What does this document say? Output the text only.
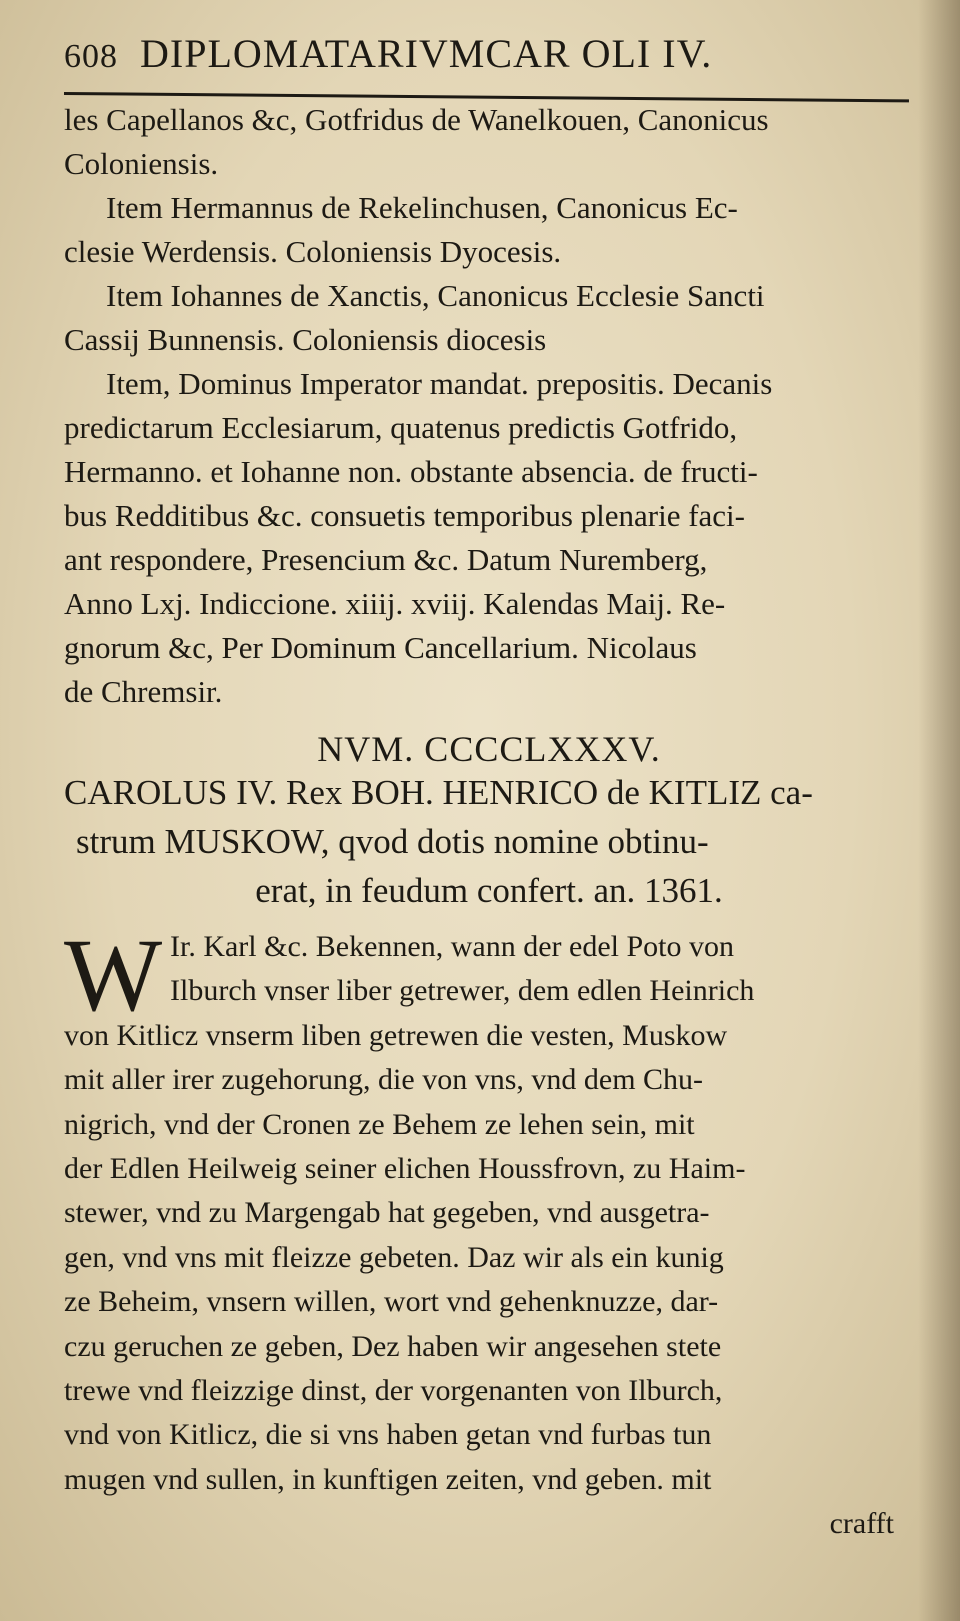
608 DIPLOMATARIVMCAR OLI IV.
les Capellanos &c, Gotfridus de Wanelkouen, Canonicus
Coloniensis.
Item Hermannus de Rekelinchusen, Canonicus Ec-
clesie Werdensis. Coloniensis Dyocesis.
Item Iohannes de Xanctis, Canonicus Ecclesie Sancti
Cassij Bunnensis. Coloniensis diocesis
Item, Dominus Imperator mandat. prepositis. Decanis
predictarum Ecclesiarum, quatenus predictis Gotfrido,
Hermanno. et Iohanne non. obstante absencia. de fructi-
bus Redditibus &c. consuetis temporibus plenarie faci-
ant respondere, Presencium &c. Datum Nuremberg,
Anno Lxj. Indiccione. xiiij. xviij. Kalendas Maij. Re-
gnorum &c, Per Dominum Cancellarium. Nicolaus
de Chremsir.
NVM. CCCCLXXXV.
CAROLUS IV. Rex BOH. HENRICO de KITLIZ ca-
strum MUSKOW, qvod dotis nomine obtinu-
erat, in feudum confert. an. 1361.
W Ir. Karl &c. Bekennen, wann der edel Poto von
Ilburch vnser liber getrewer, dem edlen Heinrich
von Kitlicz vnserm liben getrewen die vesten, Muskow
mit aller irer zugehorung, die von vns, vnd dem Chu-
nigrich, vnd der Cronen ze Behem ze lehen sein, mit
der Edlen Heilweig seiner elichen Houssfrovn, zu Haim-
stewer, vnd zu Margengab hat gegeben, vnd ausgetra-
gen, vnd vns mit fleizze gebeten. Daz wir als ein kunig
ze Beheim, vnsern willen, wort vnd gehenknuzze, dar-
czu geruchen ze geben, Dez haben wir angesehen stete
trewe vnd fleizzige dinst, der vorgenanten von Ilburch,
vnd von Kitlicz, die si vns haben getan vnd furbas tun
mugen vnd sullen, in kunftigen zeiten, vnd geben. mit
crafft
